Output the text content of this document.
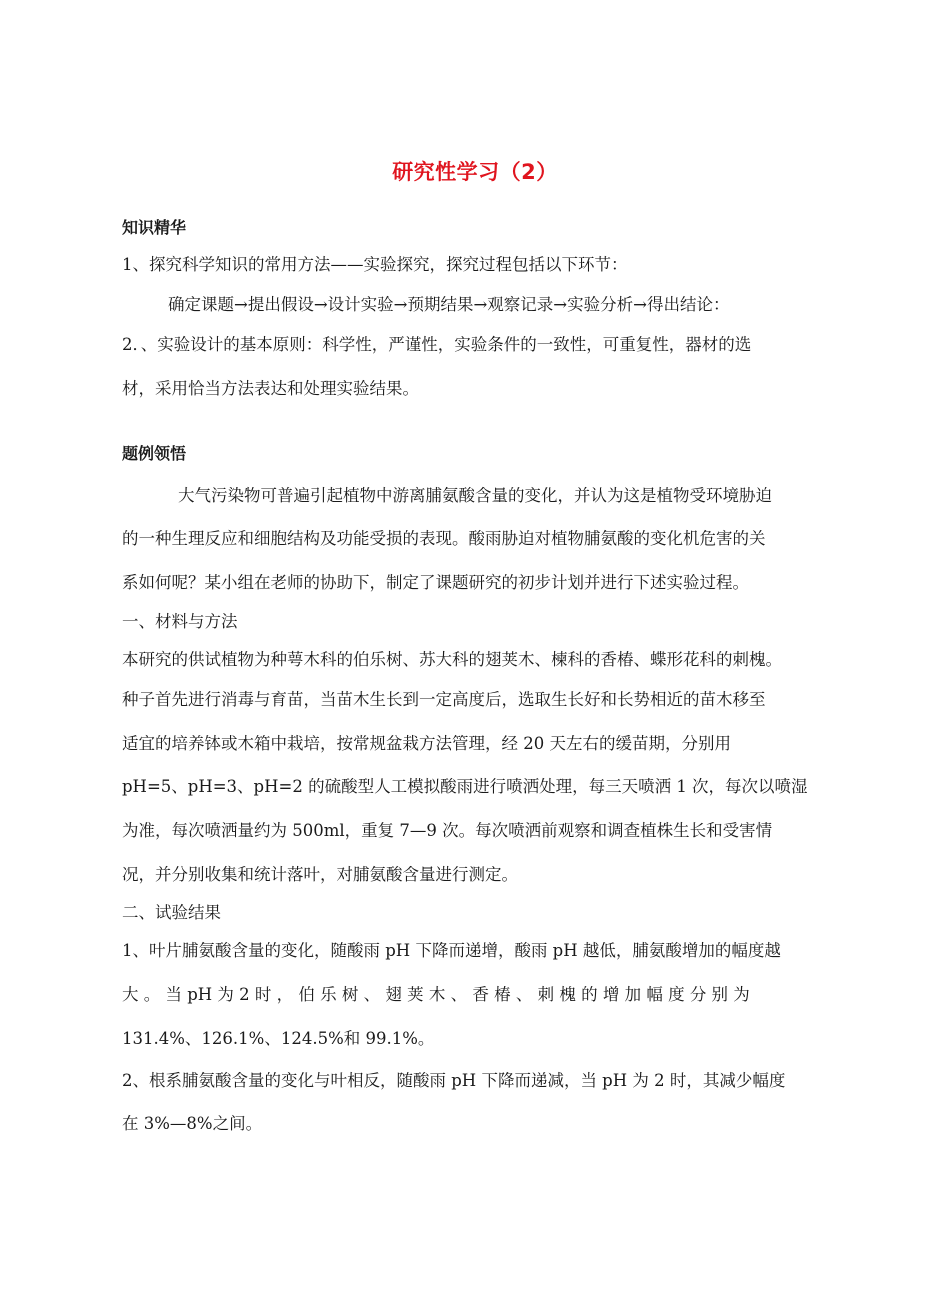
研究性学习（2）
知识精华
1、探究科学知识的常用方法——实验探究，探究过程包括以下环节：
确定课题→提出假设→设计实验→预期结果→观察记录→实验分析→得出结论：
2．、实验设计的基本原则：科学性，严谨性，实验条件的一致性，可重复性，器材的选
材，采用恰当方法表达和处理实验结果。
题例领悟
大气污染物可普遍引起植物中游离脯氨酸含量的变化，并认为这是植物受环境胁迫
的一种生理反应和细胞结构及功能受损的表现。酸雨胁迫对植物脯氨酸的变化机危害的关
系如何呢？某小组在老师的协助下，制定了课题研究的初步计划并进行下述实验过程。
一、材料与方法
本研究的供试植物为种萼木科的伯乐树、苏大科的翅荚木、楝科的香椿、蝶形花科的刺槐。
种子首先进行消毒与育苗，当苗木生长到一定高度后，选取生长好和长势相近的苗木移至
适宜的培养钵或木箱中栽培，按常规盆栽方法管理，经 20 天左右的缓苗期，分别用
pH=5、pH=3、pH=2 的硫酸型人工模拟酸雨进行喷洒处理，每三天喷洒 1 次，每次以喷湿
为准，每次喷洒量约为 500ml，重复 7—9 次。每次喷洒前观察和调查植株生长和受害情
况，并分别收集和统计落叶，对脯氨酸含量进行测定。
二、试验结果
1、叶片脯氨酸含量的变化，随酸雨 pH 下降而递增，酸雨 pH 越低，脯氨酸增加的幅度越
大 。 当 pH 为 2 时 ， 伯 乐 树 、 翅 荚 木 、 香 椿 、 刺 槐 的 增 加 幅 度 分 别 为
131.4%、126.1%、124.5%和 99.1%。
2、根系脯氨酸含量的变化与叶相反，随酸雨 pH 下降而递减，当 pH 为 2 时，其减少幅度
在 3%—8%之间。
